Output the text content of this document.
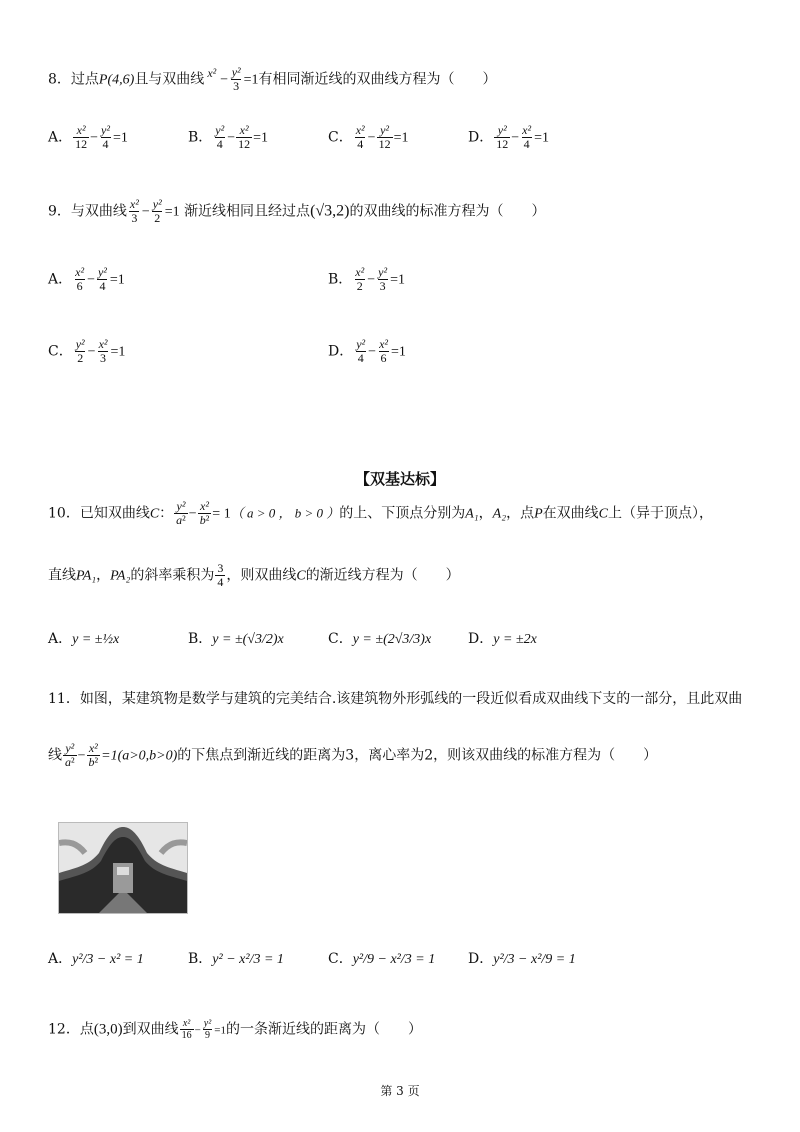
8．过点P(4,6)且与双曲线 x²
− $\frac{\text{y²}}{3} =1$有相同渐近线的双曲线方程为（　　）
A． $\frac{\text{x²}}{12} - \frac{\text{y²}}{4} =1$	B． $\frac{\text{y²}}{4} - \frac{\text{x²}}{12} =1$	C． $\frac{\text{x²}}{4} - \frac{\text{y²}}{12} =1$	D． $\frac{\text{y²}}{12} - \frac{\text{x²}}{4} =1$
9．与双曲线 $\frac{\text{x²}}{3} - \frac{\text{y²}}{2} =1$ 渐近线相同且经过点(√3,2)的双曲线的标准方程为（　　）
A． $\frac{\text{x²}}{6} - \frac{\text{y²}}{4} =1$	B． $\frac{\text{x²}}{2} - \frac{\text{y²}}{3} =1$
C． $\frac{\text{y²}}{2} - \frac{\text{x²}}{3} =1$	D． $\frac{\text{y²}}{4} - \frac{\text{x²}}{6} =1$
【双基达标】
10．已知双曲线C： $\frac{\text{y²}}{\text{a²}} - \frac{\text{x²}}{\text{b²}} = 1$（ a > 0 ， b > 0 ）的上、下顶点分别为A₁，A₂，点P在双曲线C上（异于顶点），
直线PA₁，PA₂的斜率乘积为 $\frac{3}{4}$ ，则双曲线C的渐近线方程为（　　）
A．y = ±½x	B．y = ±(√3/2)x	C．y = ±(2√3/3)x	D．y = ±2x
11．如图，某建筑物是数学与建筑的完美结合.该建筑物外形弧线的一段近似看成双曲线下支的一部分，且此双曲
线 $\frac{\text{y²}}{\text{a²}} - \frac{\text{x²}}{\text{b²}} =1(a>0,b>0)$的下焦点到渐近线的距离为3，离心率为2，则该双曲线的标准方程为（　　）
A．y²/3 − x² = 1	B．y² − x²/3 = 1	C．y²/9 − x²/3 = 1 D．y²/3 − x²/9 = 1
12．点(3,0)到双曲线 $\frac{\text{x²}}{16} - \frac{\text{y²}}{9} =1$的一条渐近线的距离为（　　）
第 3 页
